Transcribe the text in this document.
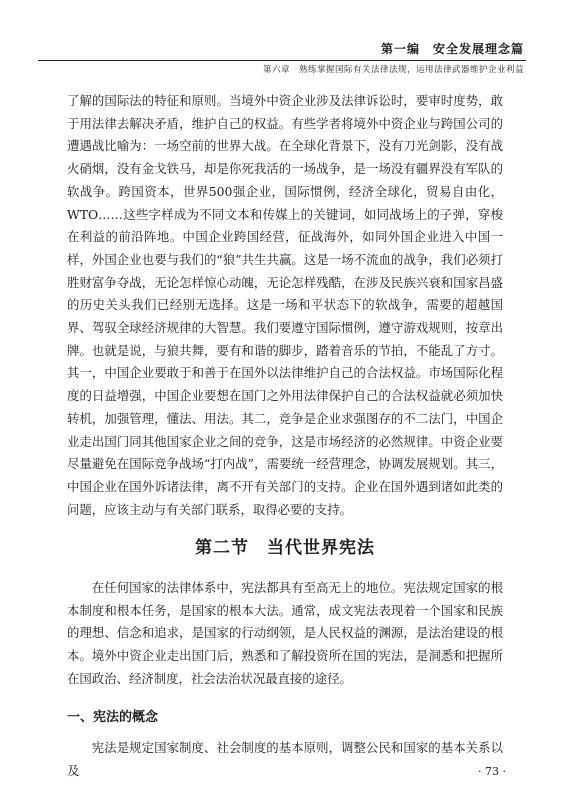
第一编　安全发展理念篇
第六章　熟练掌握国际有关法律法规，运用法律武器维护企业利益

了解的国际法的特征和原则。当境外中资企业涉及法律诉讼时，要审时度势，敢于用法律去解决矛盾，维护自己的权益。有些学者将境外中资企业与跨国公司的遭遇战比喻为：一场空前的世界大战。在全球化背景下，没有刀光剑影，没有战火硝烟，没有金戈铁马，却是你死我活的一场战争，是一场没有疆界没有军队的软战争。跨国资本，世界500强企业，国际惯例，经济全球化，贸易自由化，WTO……这些字样成为不同文本和传媒上的关键词，如同战场上的子弹，穿梭在利益的前沿阵地。中国企业跨国经营，征战海外，如同外国企业进入中国一样，外国企业也要与我们的“狼”共生共赢。这是一场不流血的战争，我们必须打胜财富争夺战，无论怎样惊心动魄，无论怎样残酷，在涉及民族兴衰和国家昌盛的历史关头我们已经别无选择。这是一场和平状态下的软战争，需要的超越国界、驾驭全球经济规律的大智慧。我们要遵守国际惯例，遵守游戏规则，按章出牌。也就是说，与狼共舞，要有和谐的脚步，踏着音乐的节拍，不能乱了方寸。其一，中国企业要敢于和善于在国外以法律维护自己的合法权益。市场国际化程度的日益增强，中国企业要想在国门之外用法律保护自己的合法权益就必须加快转机，加强管理，懂法、用法。其二，竞争是企业求强图存的不二法门，中国企业走出国门同其他国家企业之间的竞争，这是市场经济的必然规律。中资企业要尽量避免在国际竞争战场“打内战”，需要统一经营理念，协调发展规划。其三，中国企业在国外诉诸法律，离不开有关部门的支持。企业在国外遇到诸如此类的问题，应该主动与有关部门联系，取得必要的支持。

第二节　当代世界宪法

在任何国家的法律体系中，宪法都具有至高无上的地位。宪法规定国家的根本制度和根本任务，是国家的根本大法。通常，成文宪法表现着一个国家和民族的理想、信念和追求，是国家的行动纲领，是人民权益的渊源，是法治建设的根本。境外中资企业走出国门后，熟悉和了解投资所在国的宪法，是洞悉和把握所在国政治、经济制度，社会法治状况最直接的途径。

一、宪法的概念

宪法是规定国家制度、社会制度的基本原则，调整公民和国家的基本关系以及	· 73 ·
